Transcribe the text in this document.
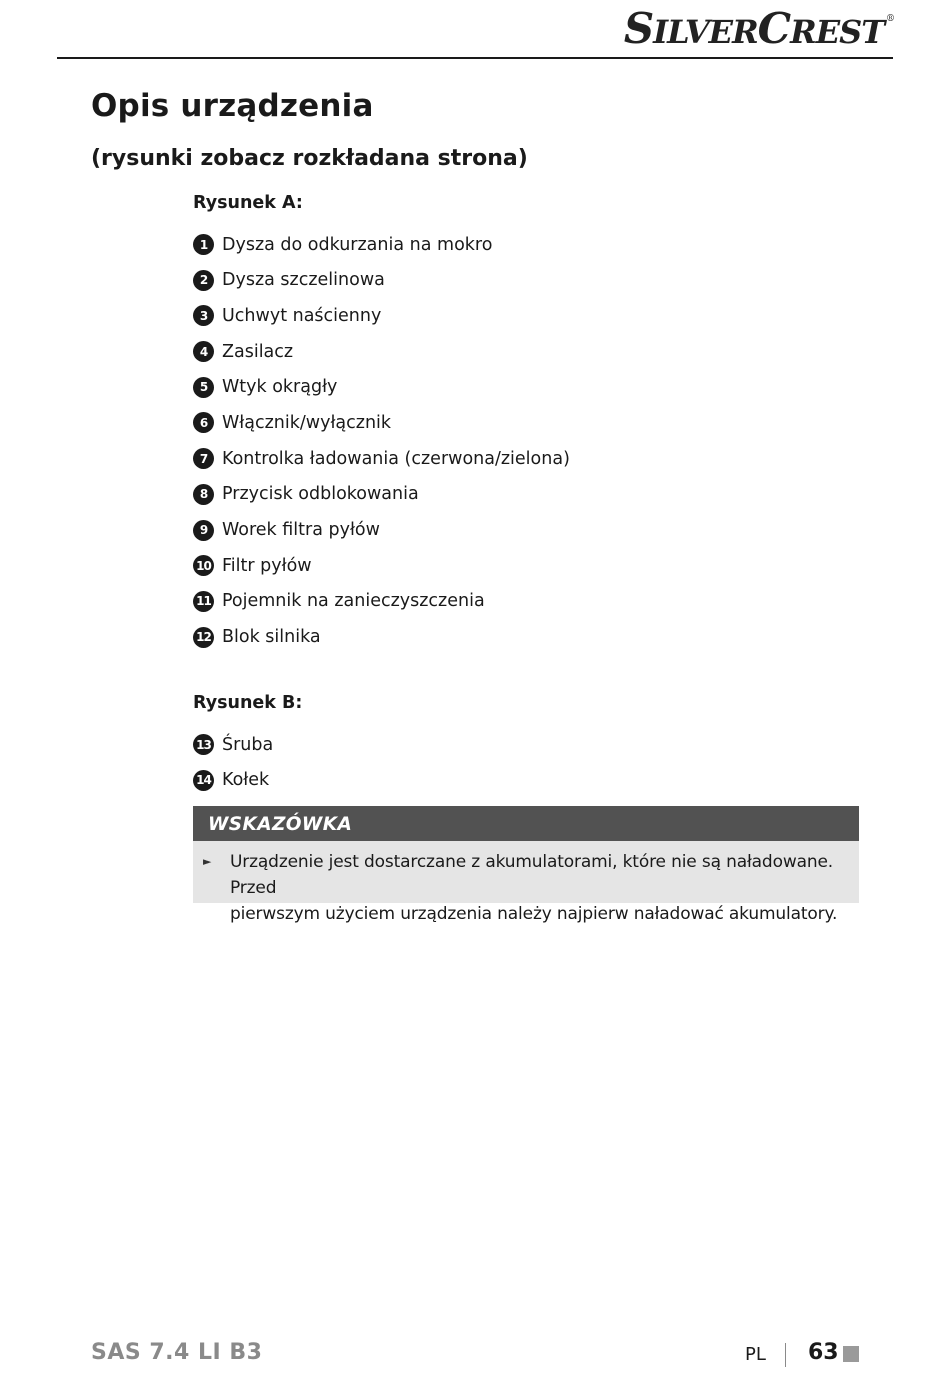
S ILVER C REST ®
Opis urządzenia
(rysunki zobacz rozkładana strona)
Rysunek A:
1 Dysza do odkurzania na mokro
2 Dysza szczelinowa
3 Uchwyt naścienny
4 Zasilacz
5 Wtyk okrągły
6 Włącznik/wyłącznik
7 Kontrolka ładowania (czerwona/zielona)
8 Przycisk odblokowania
9 Worek filtra pyłów
10 Filtr pyłów
11 Pojemnik na zanieczyszczenia
12 Blok silnika
Rysunek B:
13 Śruba
14 Kołek
WSKAZÓWKA
►	Urządzenie jest dostarczane z akumulatorami, które nie są naładowane. Przed
pierwszym użyciem urządzenia należy najpierw naładować akumulatory.
SAS 7.4 LI B3	PL 63
